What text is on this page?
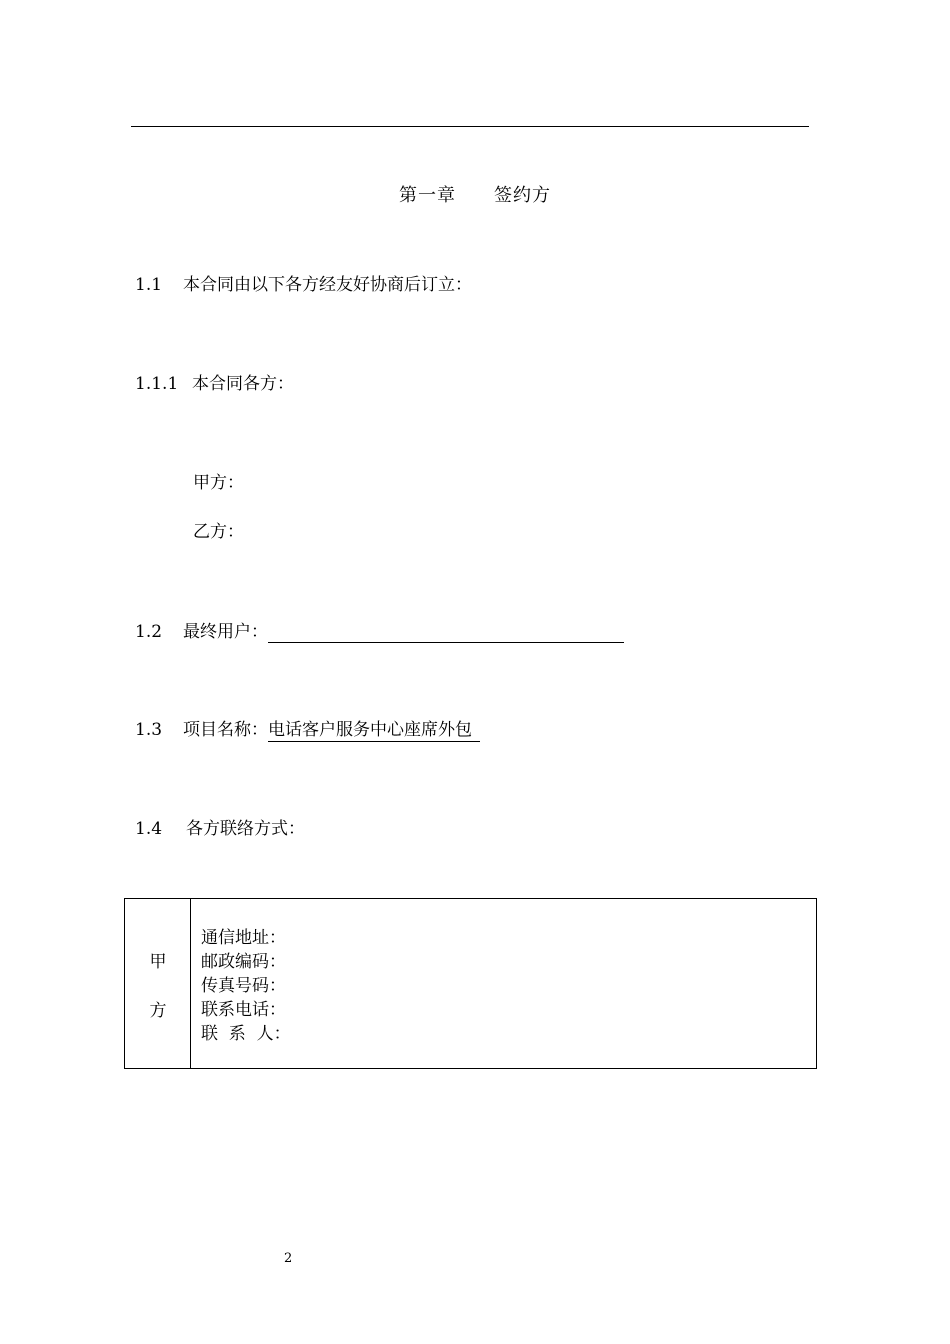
第一章 签约方
1.1 本合同由以下各方经友好协商后订立：
1.1.1 本合同各方：
甲方：
乙方：
1.2 最终用户：
1.3 项目名称：电话客户服务中心座席外包
1.4 各方联络方式：
甲
方
通信地址：
邮政编码：
传真号码：
联系电话：
联  系  人：
2
